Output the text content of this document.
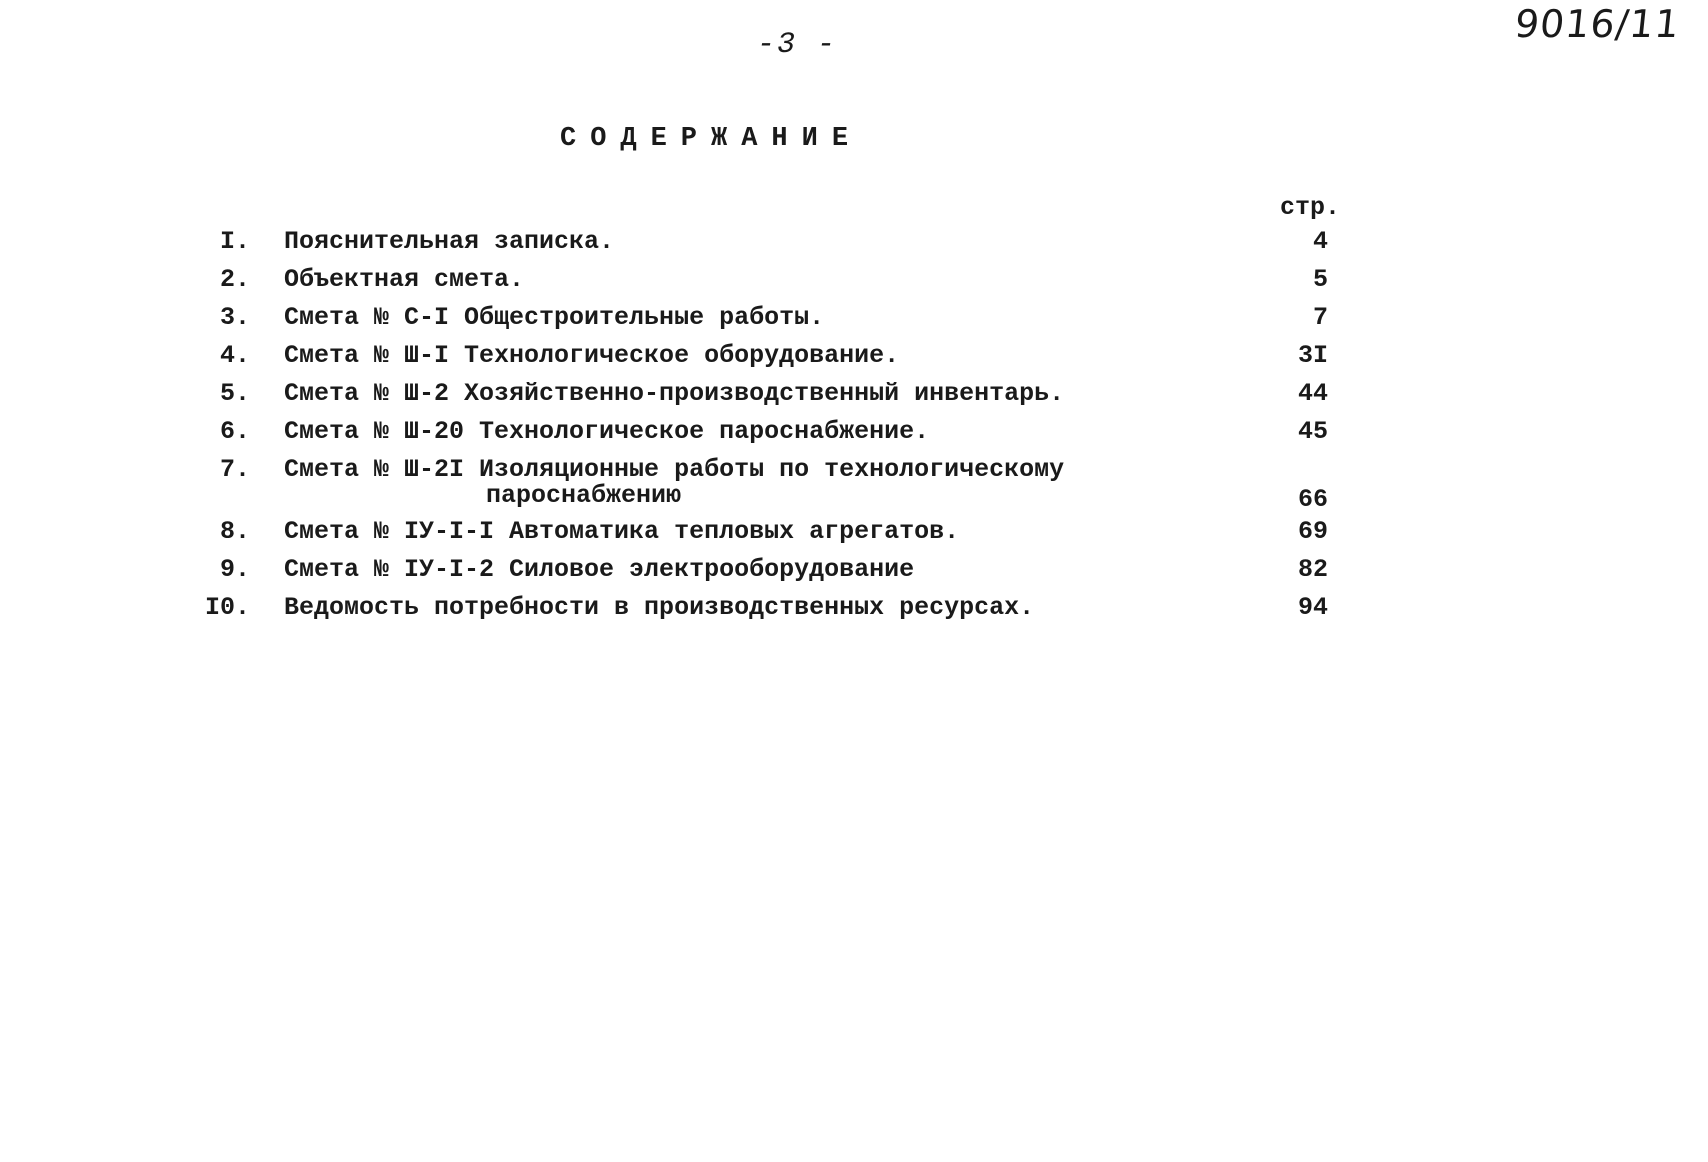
-3 -	9016/11
СОДЕРЖАНИЕ
стр.
I. Пояснительная записка.	4
2. Объектная смета.	5
3. Смета № С-I Общестроительные работы.	7
4. Смета № Ш-I Технологическое оборудование.	3I
5. Смета № Ш-2 Хозяйственно-производственный инвентарь.	44
6. Смета № Ш-20 Технологическое пароснабжение.	45
7. Смета № Ш-2I Изоляционные работы по технологическому
пароснабжению	66
8. Смета № IУ-I-I Автоматика тепловых агрегатов.	69
9. Смета № IУ-I-2 Силовое электрооборудование	82
I0. Ведомость потребности в производственных ресурсах.	94
